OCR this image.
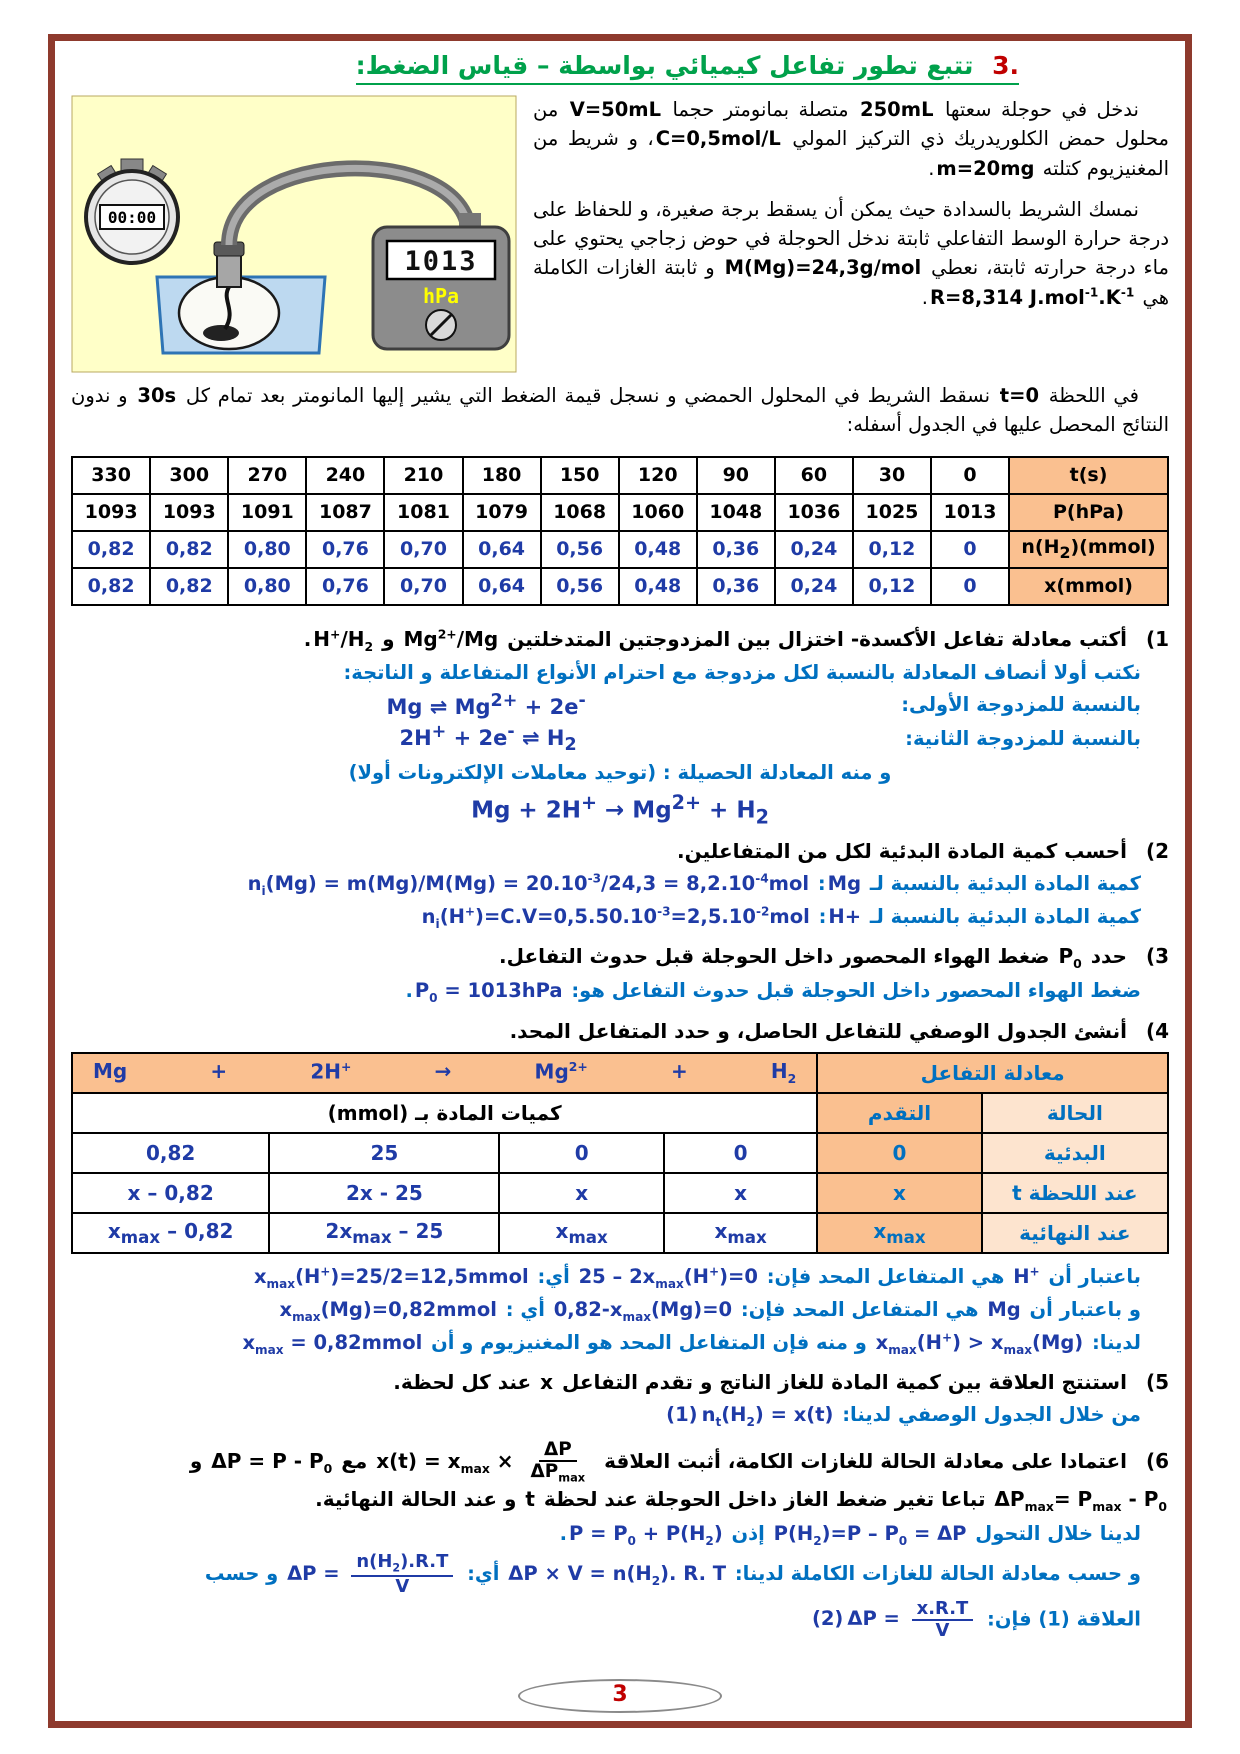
3. تتبع تطور تفاعل كيميائي بواسطة – قياس الضغط:

ندخل في حوجلة سعتها 250mL متصلة بمانومتر حجما V=50mL من محلول حمض الكلوريدريك ذي التركيز المولي C=0,5mol/L، و شريط من المغنيزيوم كتلته m=20mg.

نمسك الشريط بالسدادة حيث يمكن أن يسقط برجة صغيرة، و للحفاظ على درجة حرارة الوسط التفاعلي ثابتة ندخل الحوجلة في حوض زجاجي يحتوي على ماء درجة حرارته ثابتة، نعطي M(Mg)=24,3g/mol و ثابتة الغازات الكاملة هي R=8,314 $J.mol^{-1}.K^{-1}$.

00:00
1013
hPa

في اللحظة t=0 نسقط الشريط في المحلول الحمضي و نسجل قيمة الضغط التي يشير إليها المانومتر بعد تمام كل 30s و ندون النتائج المحصل عليها في الجدول أسفله:

t(s)	0	30	60	90	120	150	180	210	240	270	300	330
P(hPa)	1013	1025	1036	1048	1060	1068	1079	1081	1087	1091	1093	1093
$n(H_2)(mmol)$	0	0,12	0,24	0,36	0,48	0,56	0,64	0,70	0,76	0,80	0,82	0,82
x(mmol)	0	0,12	0,24	0,36	0,48	0,56	0,64	0,70	0,76	0,80	0,82	0,82

(1 أكتب معادلة تفاعل الأكسدة- اختزال بين المزدوجتين المتدخلتين $Mg^{2+}/Mg$ و $H^+/H_2$.

نكتب أولا أنصاف المعادلة بالنسبة لكل مزدوجة مع احترام الأنواع المتفاعلة و الناتجة:

بالنسبة للمزدوجة الأولى:
Mg ⇌ $Mg^{2+} + 2e^-$
بالنسبة للمزدوجة الثانية:
2H+ + 2e- ⇌ $H_2$

و منه المعادلة الحصيلة : (توحيد معاملات الإلكترونات أولا)

$Mg + 2H^+ \to Mg^{2+} + H_2$

(2 أحسب كمية المادة البدئية لكل من المتفاعلين.

كمية المادة البدئية بالنسبة لـ Mg: $n_i(Mg) = m(Mg)/M(Mg) = 20.10^{-3}/24,3 = 8,2.10^{-4}mol$

كمية المادة البدئية بالنسبة لـ H+: $n_i(H^+)=C.V=0,5.50.10^{-3}=2,5.10^{-2}mol$

(3 حدد $P_0$ ضغط الهواء المحصور داخل الحوجلة قبل حدوث التفاعل.

ضغط الهواء المحصور داخل الحوجلة قبل حدوث التفاعل هو: $P_0 = 1013hPa$.

(4 أنشئ الجدول الوصفي للتفاعل الحاصل، و حدد المتفاعل المحد.

معادلة التفاعل	
Mg	+	2H+	→	$Mg^{2+}$	+	$H_2$

الحالة	التقدم	كميات المادة بـ (mmol)			
البدئية	0	0	0	25	0,82
عند اللحظة t	x	x	x	25 - 2x	0,82 – x
عند النهائية	$x_{max}$	$x_{max}$	$x_{max}$	$25 - 2x_{max}$	$0,82 - x_{max}$

باعتبار أن H+ هي المتفاعل المحد فإن: $25 - 2x_{max}(H^+)=0$ أي: $x_{max}(H^+)=25/2=12,5mmol$

و باعتبار أن Mg هي المتفاعل المحد فإن: $0,82-x_{max}(Mg)=0$ أي : $x_{max}(Mg)=0,82mmol$

لدينا: $x_{max}(H^+) > x_{max}(Mg)$ و منه فإن المتفاعل المحد هو المغنيزيوم و أن $x_{max}$ = 0,82mmol

(5 استنتج العلاقة بين كمية المادة للغاز الناتج و تقدم التفاعل x عند كل لحظة.

من خلال الجدول الوصفي لدينا: $n_t(H_2) = x(t)(1)$

(6 اعتمادا على معادلة الحالة للغازات الكامة، أثبت العلاقة $x(t) = x_{max} \times \frac{\Delta P}{\Delta P_{max}}$
مع $\Delta P = P - P_0$ و $\Delta P_{max}= P_{max} - P_0$ تباعا تغير ضغط الغاز داخل الحوجلة عند لحظة t و عند الحالة النهائية.

لدينا خلال التحول $P(H_2)=P - P_0 = \Delta P$ إذن $P = P_0 + P(H_2)$.

و حسب معادلة الحالة للغازات الكاملة لدينا: $\Delta P \times V = n(H_2)$. R. T أي: $\Delta P = \frac{n(H_2).R.T}{V}$
و حسب

العلاقة (1) فإن: $\Delta P = \frac{x.R.T}{V}$
(2)

3
